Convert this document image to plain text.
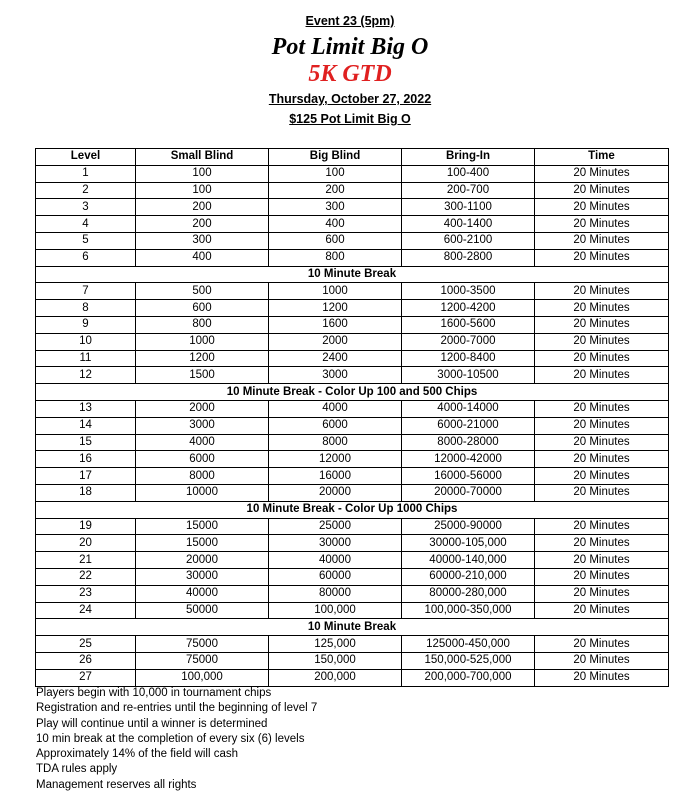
Event 23 (5pm)
Pot Limit Big O
5K GTD
Thursday, October 27, 2022
$125 Pot Limit Big O
Level	Small Blind	Big Blind	Bring-In	Time
1	100	100	100-400	20 Minutes
2	100	200	200-700	20 Minutes
3	200	300	300-1100	20 Minutes
4	200	400	400-1400	20 Minutes
5	300	600	600-2100	20 Minutes
6	400	800	800-2800	20 Minutes
10 Minute Break				
7	500	1000	1000-3500	20 Minutes
8	600	1200	1200-4200	20 Minutes
9	800	1600	1600-5600	20 Minutes
10	1000	2000	2000-7000	20 Minutes
11	1200	2400	1200-8400	20 Minutes
12	1500	3000	3000-10500	20 Minutes
10 Minute Break - Color Up 100 and 500 Chips				
13	2000	4000	4000-14000	20 Minutes
14	3000	6000	6000-21000	20 Minutes
15	4000	8000	8000-28000	20 Minutes
16	6000	12000	12000-42000	20 Minutes
17	8000	16000	16000-56000	20 Minutes
18	10000	20000	20000-70000	20 Minutes
10 Minute Break - Color Up 1000 Chips				
19	15000	25000	25000-90000	20 Minutes
20	15000	30000	30000-105,000	20 Minutes
21	20000	40000	40000-140,000	20 Minutes
22	30000	60000	60000-210,000	20 Minutes
23	40000	80000	80000-280,000	20 Minutes
24	50000	100,000	100,000-350,000	20 Minutes
10 Minute Break				
25	75000	125,000	125000-450,000	20 Minutes
26	75000	150,000	150,000-525,000	20 Minutes
27	100,000	200,000	200,000-700,000	20 Minutes
Players begin with 10,000 in tournament chips
Registration and re-entries until the beginning of level 7
Play will continue until a winner is determined
10 min break at the completion of every six (6) levels
Approximately 14% of the field will cash
TDA rules apply
Management reserves all rights
